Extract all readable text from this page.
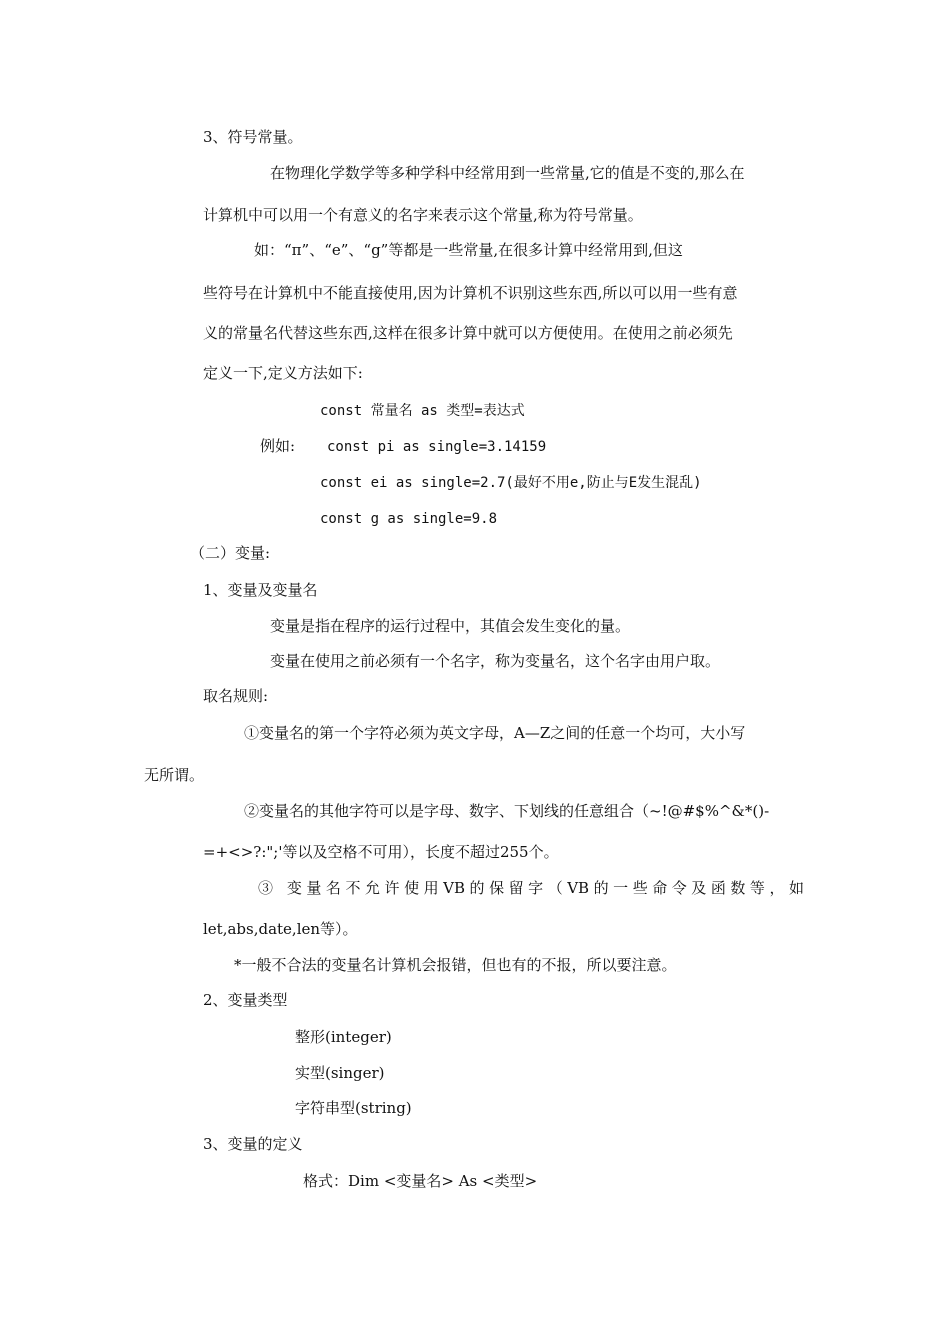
3、符号常量。
在物理化学数学等多种学科中经常用到一些常量,它的值是不变的,那么在
计算机中可以用一个有意义的名字来表示这个常量,称为符号常量。
如：“π”、“e”、“g”等都是一些常量,在很多计算中经常用到,但这
些符号在计算机中不能直接使用,因为计算机不识别这些东西,所以可以用一些有意
义的常量名代替这些东西,这样在很多计算中就可以方便使用。在使用之前必须先
定义一下,定义方法如下:
const 常量名 as 类型=表达式
例如: const pi as single=3.14159
const ei as single=2.7(最好不用e,防止与E发生混乱)
const g as single=9.8
（二）变量:
1、变量及变量名
变量是指在程序的运行过程中，其值会发生变化的量。
变量在使用之前必须有一个名字，称为变量名，这个名字由用户取。
取名规则:
①变量名的第一个字符必须为英文字母，A—Z之间的任意一个均可，大小写
无所谓。
②变量名的其他字符可以是字母、数字、下划线的任意组合（~!@#$%^&*()-
=+<>?:";'等以及空格不可用），长度不超过255个。
③ 变量名不允许使用VB的保留字（VB的一些命令及函数等，如
let,abs,date,len等）。
*一般不合法的变量名计算机会报错，但也有的不报，所以要注意。
2、变量类型
整形(integer)
实型(singer)
字符串型(string)
3、变量的定义
格式：Dim <变量名> As <类型>
